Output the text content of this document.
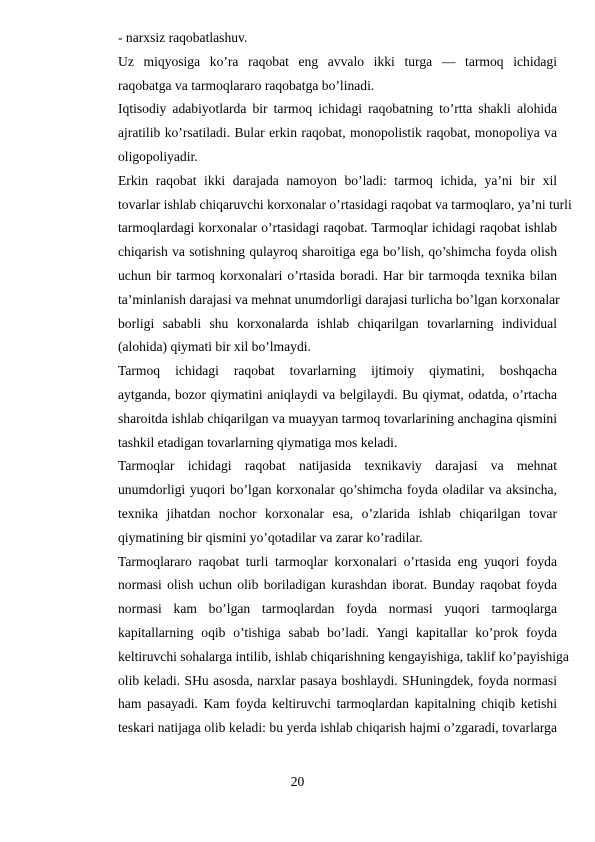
- narxsiz raqobatlashuv.
Uz miqyosiga ko’ra raqobat eng avvalo ikki turga — tarmoq ichidagi
raqobatga va tarmoqlararo raqobatga bo’linadi.
Iqtisodiy adabiyotlarda bir tarmoq ichidagi raqobatning to’rtta shakli alohida
ajratilib ko’rsatiladi. Bular erkin raqobat, monopolistik raqobat, monopoliya va
oligopoliyadir.
Erkin raqobat ikki darajada namoyon bo’ladi: tarmoq ichida, ya’ni bir xil
tovarlar ishlab chiqaruvchi korxonalar o’rtasidagi raqobat va tarmoqlaro, ya’ni turli
tarmoqlardagi korxonalar o’rtasidagi raqobat. Tarmoqlar ichidagi raqobat ishlab
chiqarish va sotishning qulayroq sharoitiga ega bo’lish, qo’shimcha foyda olish
uchun bir tarmoq korxonalari o’rtasida boradi. Har bir tarmoqda texnika bilan
ta’minlanish darajasi va mehnat unumdorligi darajasi turlicha bo’lgan korxonalar
borligi sababli shu korxonalarda ishlab chiqarilgan tovarlarning individual
(alohida) qiymati bir xil bo’lmaydi.
Tarmoq ichidagi raqobat tovarlarning ijtimoiy qiymatini, boshqacha
aytganda, bozor qiymatini aniqlaydi va belgilaydi. Bu qiymat, odatda, o’rtacha
sharoitda ishlab chiqarilgan va muayyan tarmoq tovarlarining anchagina qismini
tashkil etadigan tovarlarning qiymatiga mos keladi.
Tarmoqlar ichidagi raqobat natijasida texnikaviy darajasi va mehnat
unumdorligi yuqori bo’lgan korxonalar qo’shimcha foyda oladilar va aksincha,
texnika jihatdan nochor korxonalar esa, o’zlarida ishlab chiqarilgan tovar
qiymatining bir qismini yo’qotadilar va zarar ko’radilar.
Tarmoqlararo raqobat turli tarmoqlar korxonalari o’rtasida eng yuqori foyda
normasi olish uchun olib boriladigan kurashdan iborat. Bunday raqobat foyda
normasi kam bo’lgan tarmoqlardan foyda normasi yuqori tarmoqlarga
kapitallarning oqib o’tishiga sabab bo’ladi. Yangi kapitallar ko’prok foyda
keltiruvchi sohalarga intilib, ishlab chiqarishning kengayishiga, taklif ko’payishiga
olib keladi. SHu asosda, narxlar pasaya boshlaydi. SHuningdek, foyda normasi
ham pasayadi. Kam foyda keltiruvchi tarmoqlardan kapitalning chiqib ketishi
teskari natijaga olib keladi: bu yerda ishlab chiqarish hajmi o’zgaradi, tovarlarga
20
